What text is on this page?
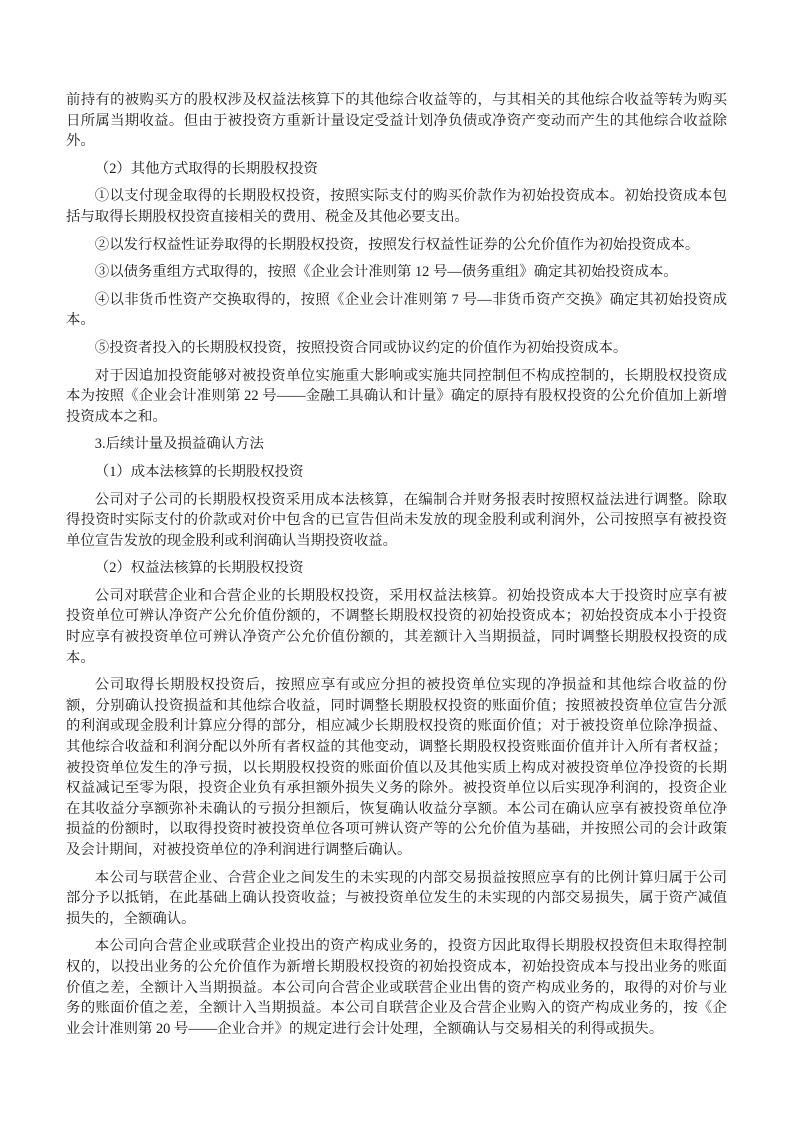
前持有的被购买方的股权涉及权益法核算下的其他综合收益等的，与其相关的其他综合收益等转为购买日所属当期收益。但由于被投资方重新计量设定受益计划净负债或净资产变动而产生的其他综合收益除外。

（2）其他方式取得的长期股权投资

①以支付现金取得的长期股权投资，按照实际支付的购买价款作为初始投资成本。初始投资成本包括与取得长期股权投资直接相关的费用、税金及其他必要支出。

②以发行权益性证券取得的长期股权投资，按照发行权益性证券的公允价值作为初始投资成本。

③以债务重组方式取得的，按照《企业会计准则第 12 号—债务重组》确定其初始投资成本。

④以非货币性资产交换取得的，按照《企业会计准则第 7 号—非货币资产交换》确定其初始投资成本。

⑤投资者投入的长期股权投资，按照投资合同或协议约定的价值作为初始投资成本。

对于因追加投资能够对被投资单位实施重大影响或实施共同控制但不构成控制的，长期股权投资成本为按照《企业会计准则第 22 号——金融工具确认和计量》确定的原持有股权投资的公允价值加上新增投资成本之和。

3.后续计量及损益确认方法

（1）成本法核算的长期股权投资

公司对子公司的长期股权投资采用成本法核算，在编制合并财务报表时按照权益法进行调整。除取得投资时实际支付的价款或对价中包含的已宣告但尚未发放的现金股利或利润外，公司按照享有被投资单位宣告发放的现金股利或利润确认当期投资收益。

（2）权益法核算的长期股权投资

公司对联营企业和合营企业的长期股权投资，采用权益法核算。初始投资成本大于投资时应享有被投资单位可辨认净资产公允价值份额的，不调整长期股权投资的初始投资成本；初始投资成本小于投资时应享有被投资单位可辨认净资产公允价值份额的，其差额计入当期损益，同时调整长期股权投资的成本。

公司取得长期股权投资后，按照应享有或应分担的被投资单位实现的净损益和其他综合收益的份额，分别确认投资损益和其他综合收益，同时调整长期股权投资的账面价值；按照被投资单位宣告分派的利润或现金股利计算应分得的部分，相应减少长期股权投资的账面价值；对于被投资单位除净损益、其他综合收益和利润分配以外所有者权益的其他变动，调整长期股权投资账面价值并计入所有者权益；被投资单位发生的净亏损，以长期股权投资的账面价值以及其他实质上构成对被投资单位净投资的长期权益减记至零为限，投资企业负有承担额外损失义务的除外。被投资单位以后实现净利润的，投资企业在其收益分享额弥补未确认的亏损分担额后，恢复确认收益分享额。本公司在确认应享有被投资单位净损益的份额时，以取得投资时被投资单位各项可辨认资产等的公允价值为基础，并按照公司的会计政策及会计期间，对被投资单位的净利润进行调整后确认。

本公司与联营企业、合营企业之间发生的未实现的内部交易损益按照应享有的比例计算归属于公司部分予以抵销，在此基础上确认投资收益；与被投资单位发生的未实现的内部交易损失，属于资产减值损失的，全额确认。

本公司向合营企业或联营企业投出的资产构成业务的，投资方因此取得长期股权投资但未取得控制权的，以投出业务的公允价值作为新增长期股权投资的初始投资成本，初始投资成本与投出业务的账面价值之差，全额计入当期损益。本公司向合营企业或联营企业出售的资产构成业务的，取得的对价与业务的账面价值之差，全额计入当期损益。本公司自联营企业及合营企业购入的资产构成业务的，按《企业会计准则第 20 号——企业合并》的规定进行会计处理，全额确认与交易相关的利得或损失。
